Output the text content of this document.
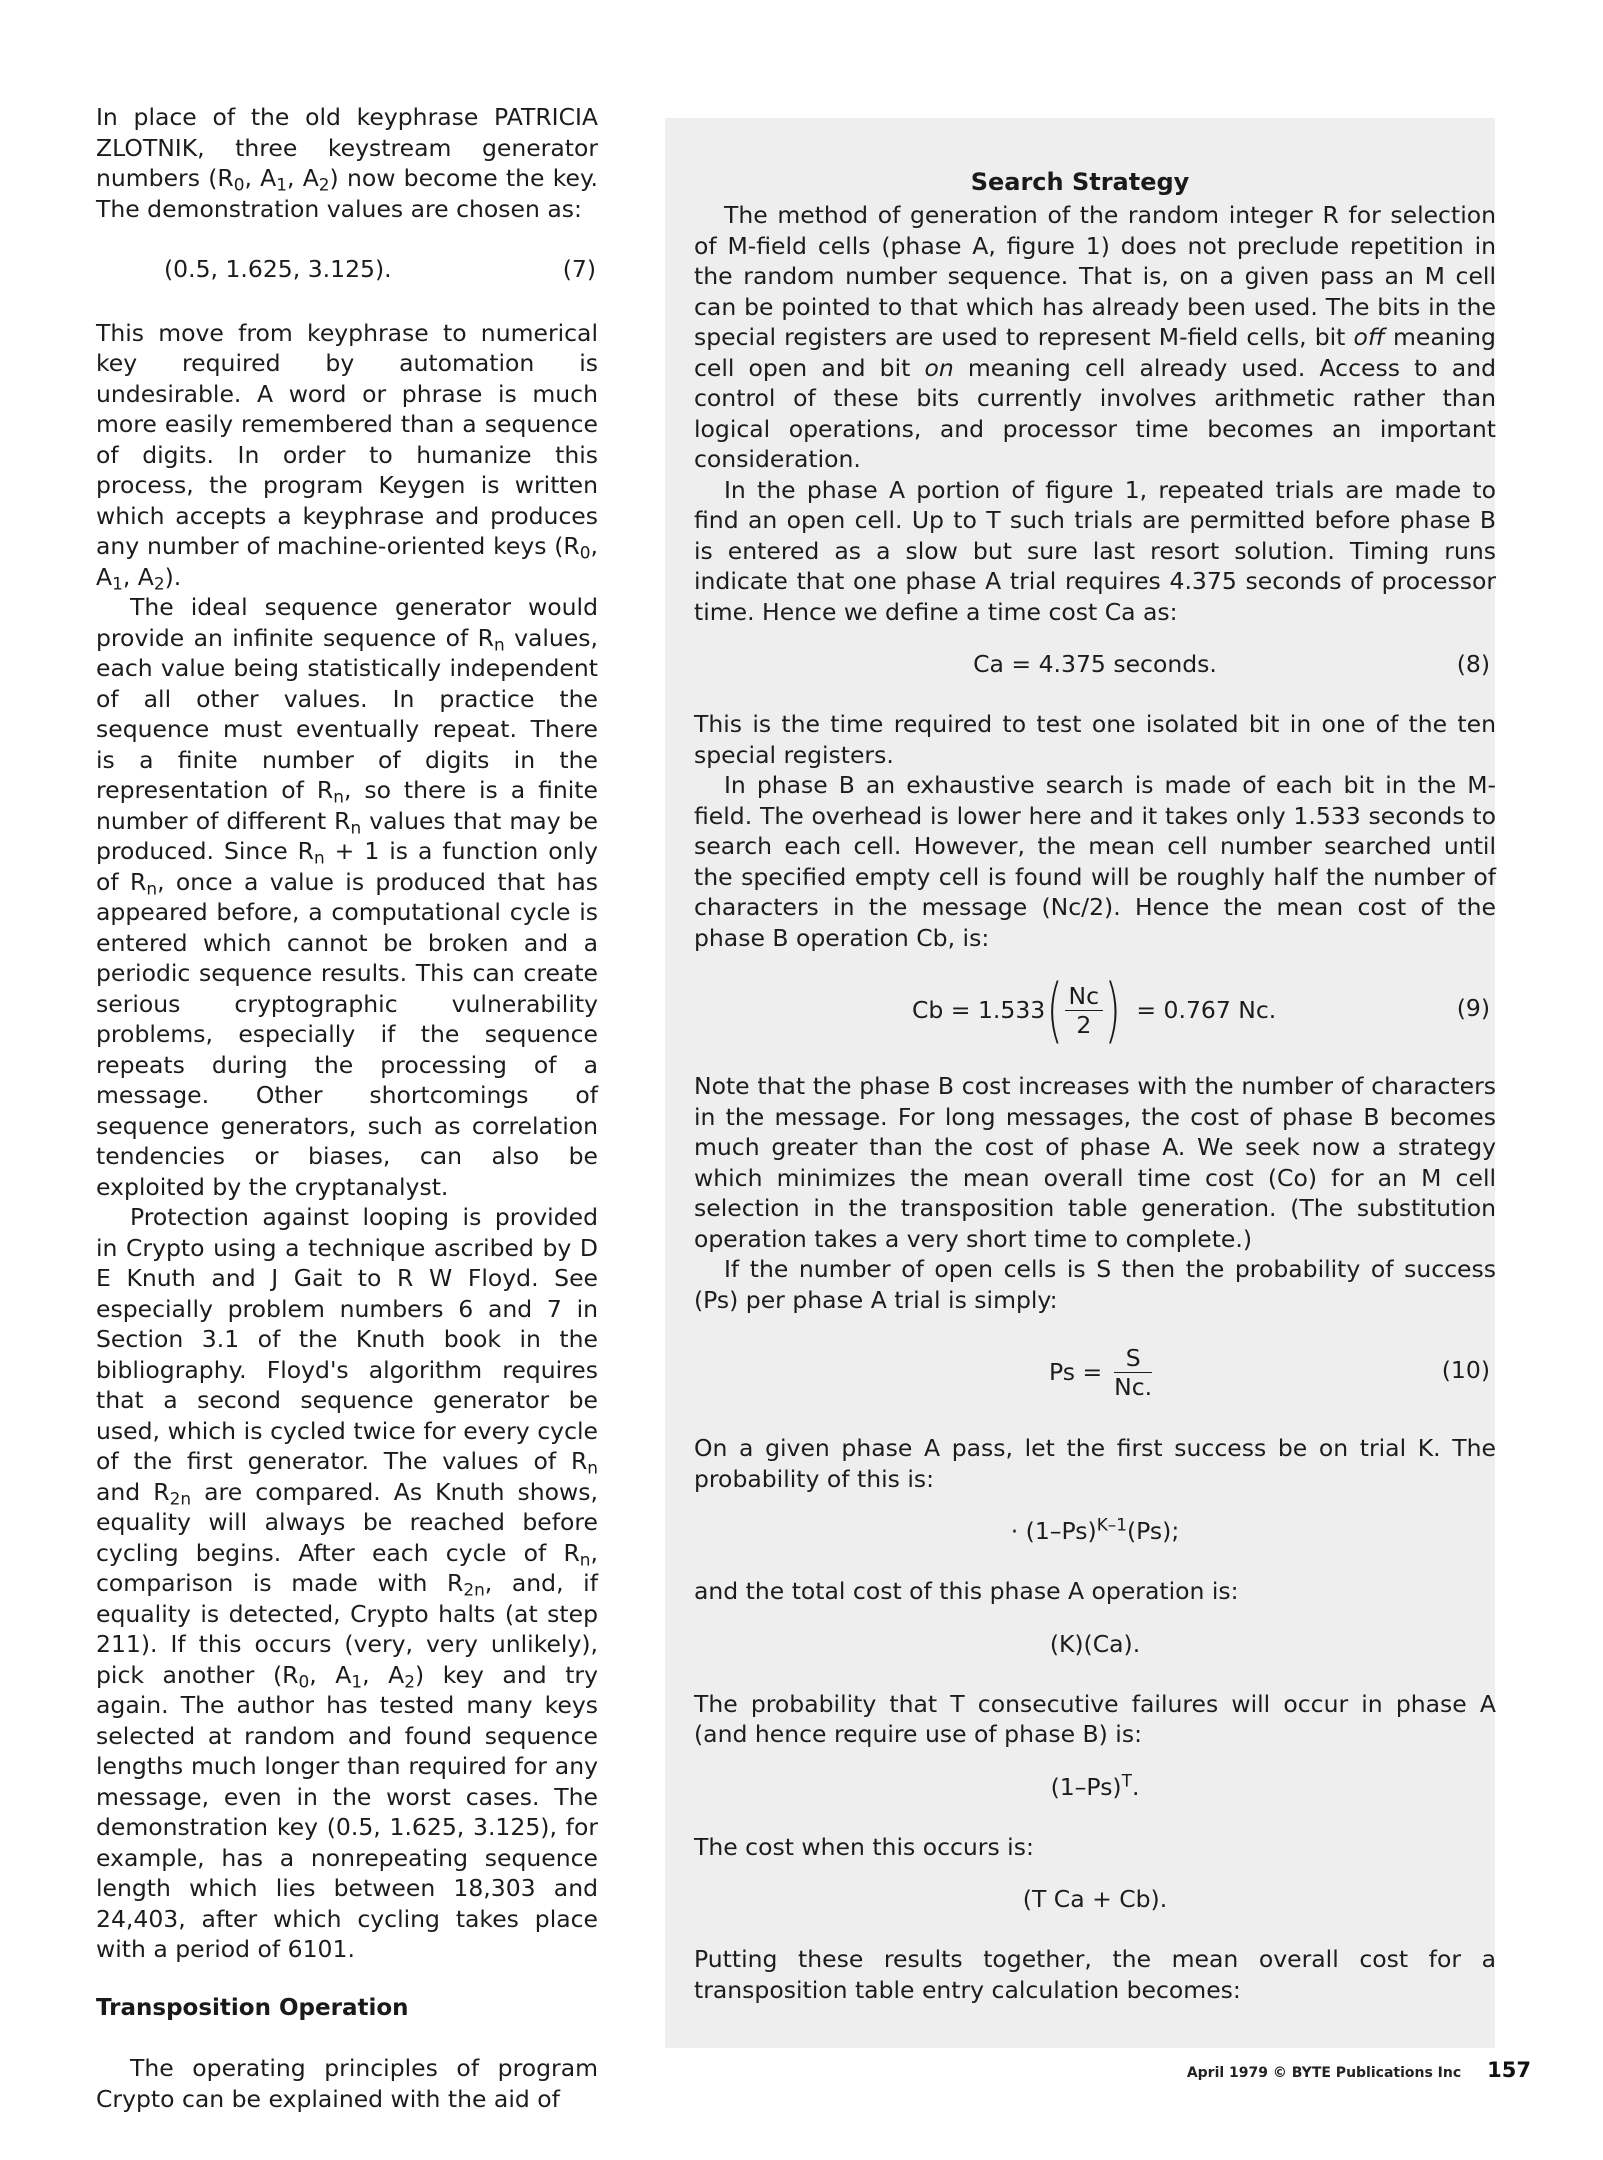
In place of the old keyphrase PATRICIA ZLOTNIK, three keystream generator numbers ($R_0$, $A_1$, $A_2$) now become the key. The demonstration values are chosen as:

(0.5, 1.625, 3.125).	(7)

This move from keyphrase to numerical key required by automation is undesirable. A word or phrase is much more easily remembered than a sequence of digits. In order to humanize this process, the program Keygen is written which accepts a keyphrase and produces any number of machine-oriented keys ($R_0$, $A_1$, $A_2$).

The ideal sequence generator would provide an infinite sequence of $R_n$ values, each value being statistically independent of all other values. In practice the sequence must eventually repeat. There is a finite number of digits in the representation of $R_n$, so there is a finite number of different $R_n$ values that may be produced. Since $R_n + 1$ is a function only of $R_n$, once a value is produced that has appeared before, a computational cycle is entered which cannot be broken and a periodic sequence results. This can create serious cryptographic vulnerability problems, especially if the sequence repeats during the processing of a message. Other shortcomings of sequence generators, such as correlation tendencies or biases, can also be exploited by the cryptanalyst.

Protection against looping is provided in Crypto using a technique ascribed by D E Knuth and J Gait to R W Floyd. See especially problem numbers 6 and 7 in Section 3.1 of the Knuth book in the bibliography. Floyd's algorithm requires that a second sequence generator be used, which is cycled twice for every cycle of the first generator. The values of $R_n$ and $R_{2n}$ are compared. As Knuth shows, equality will always be reached before cycling begins. After each cycle of $R_n$, comparison is made with $R_{2n}$, and, if equality is detected, Crypto halts (at step 211). If this occurs (very, very unlikely), pick another ($R_0$, $A_1$, $A_2$) key and try again. The author has tested many keys selected at random and found sequence lengths much longer than required for any message, even in the worst cases. The demonstration key (0.5, 1.625, 3.125), for example, has a nonrepeating sequence length which lies between 18,303 and 24,403, after which cycling takes place with a period of 6101.

Transposition Operation

The operating principles of program Crypto can be explained with the aid of

Search Strategy

The method of generation of the random integer R for selection of M-field cells (phase A, figure 1) does not preclude repetition in the random number sequence. That is, on a given pass an M cell can be pointed to that which has already been used. The bits in the special registers are used to represent M-field cells, bit off meaning cell open and bit on meaning cell already used. Access to and control of these bits currently involves arithmetic rather than logical operations, and processor time becomes an important consideration.

In the phase A portion of figure 1, repeated trials are made to find an open cell. Up to T such trials are permitted before phase B is entered as a slow but sure last resort solution. Timing runs indicate that one phase A trial requires 4.375 seconds of processor time. Hence we define a time cost Ca as:

Ca = 4.375 seconds.	(8)

This is the time required to test one isolated bit in one of the ten special registers.

In phase B an exhaustive search is made of each bit in the M-field. The overhead is lower here and it takes only 1.533 seconds to search each cell. However, the mean cell number searched until the specified empty cell is found will be roughly half the number of characters in the message (Nc/2). Hence the mean cost of the phase B operation Cb, is:

Cb = 1.533 ( $\frac{Nc}{2}$ ) = 0.767 Nc.	(9)

Note that the phase B cost increases with the number of characters in the message. For long messages, the cost of phase B becomes much greater than the cost of phase A. We seek now a strategy which minimizes the mean overall time cost (Co) for an M cell selection in the transposition table generation. (The substitution operation takes a very short time to complete.)

If the number of open cells is S then the probability of success (Ps) per phase A trial is simply:

$Ps = \frac{S}{Nc.}$	(10)

On a given phase A pass, let the first success be on trial K. The probability of this is:

· $(1-Ps)^{K-1}(Ps)$;

and the total cost of this phase A operation is:

(K)(Ca).

The probability that T consecutive failures will occur in phase A (and hence require use of phase B) is:

$(1-Ps)^T$.

The cost when this occurs is:

(T Ca + Cb).

Putting these results together, the mean overall cost for a transposition table entry calculation becomes:

April 1979 © BYTE Publications Inc 157
